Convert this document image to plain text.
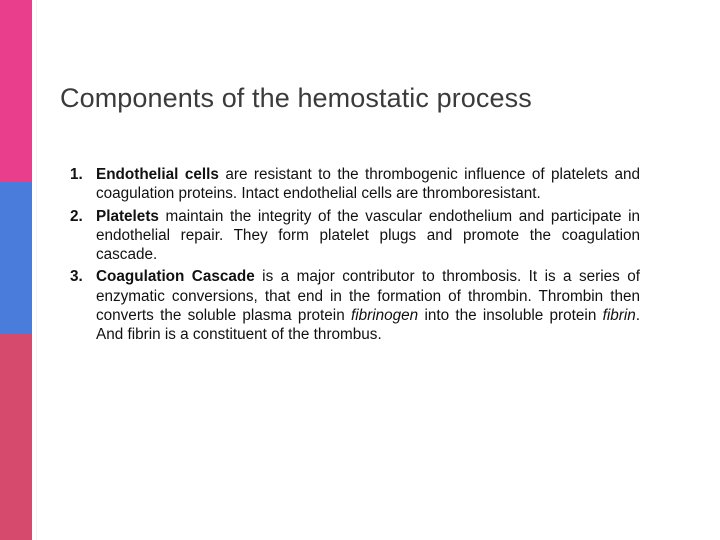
Components of the hemostatic process
1. Endothelial cells are resistant to the thrombogenic influence of platelets and coagulation proteins. Intact endothelial cells are thromboresistant.
2. Platelets maintain the integrity of the vascular endothelium and participate in endothelial repair. They form platelet plugs and promote the coagulation cascade.
3. Coagulation Cascade is a major contributor to thrombosis. It is a series of enzymatic conversions, that end in the formation of thrombin. Thrombin then converts the soluble plasma protein fibrinogen into the insoluble protein fibrin. And fibrin is a constituent of the thrombus.
